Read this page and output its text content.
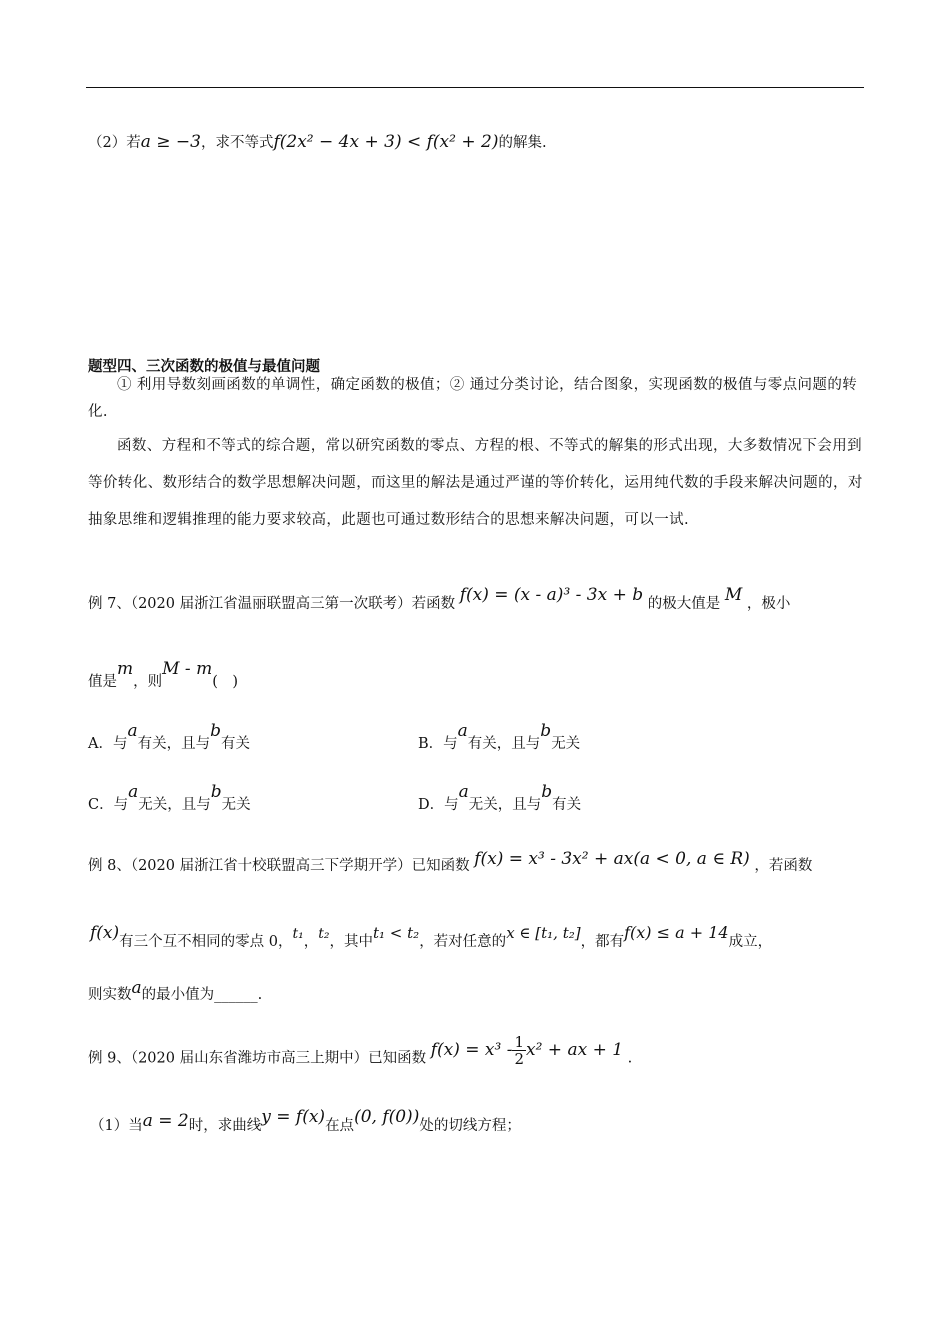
（2）若a ≥ −3，求不等式f(2x² − 4x + 3) < f(x² + 2)的解集.
题型四、三次函数的极值与最值问题
① 利用导数刻画函数的单调性，确定函数的极值；② 通过分类讨论，结合图象，实现函数的极值与零点问题的转化.
函数、方程和不等式的综合题，常以研究函数的零点、方程的根、不等式的解集的形式出现，大多数情况下会用到等价转化、数形结合的数学思想解决问题，而这里的解法是通过严谨的等价转化，运用纯代数的手段来解决问题的，对抽象思维和逻辑推理的能力要求较高，此题也可通过数形结合的思想来解决问题，可以一试.
例 7、（2020 届浙江省温丽联盟高三第一次联考）若函数 f(x) = (x - a)³ - 3x + b 的极大值是 M ，极小
值是m，则M - m(　)
A．与a有关，且与b有关	B．与a有关，且与b无关
C．与a无关，且与b无关	D．与a无关，且与b有关
例 8、（2020 届浙江省十校联盟高三下学期开学）已知函数 f(x) = x³ - 3x² + ax(a < 0, a ∈ R) ，若函数
f(x)有三个互不相同的零点 0，t₁，t₂，其中t₁ < t₂，若对任意的x ∈ [t₁, t₂]，都有f(x) ≤ a + 14成立，
则实数a的最小值为______.
例 9、（2020 届山东省潍坊市高三上期中）已知函数 $f(x) = x^3 - \frac{1}{2} x^2$ + ax + 1 .
（1）当a = 2时，求曲线y = f(x)在点(0, f(0))处的切线方程；
